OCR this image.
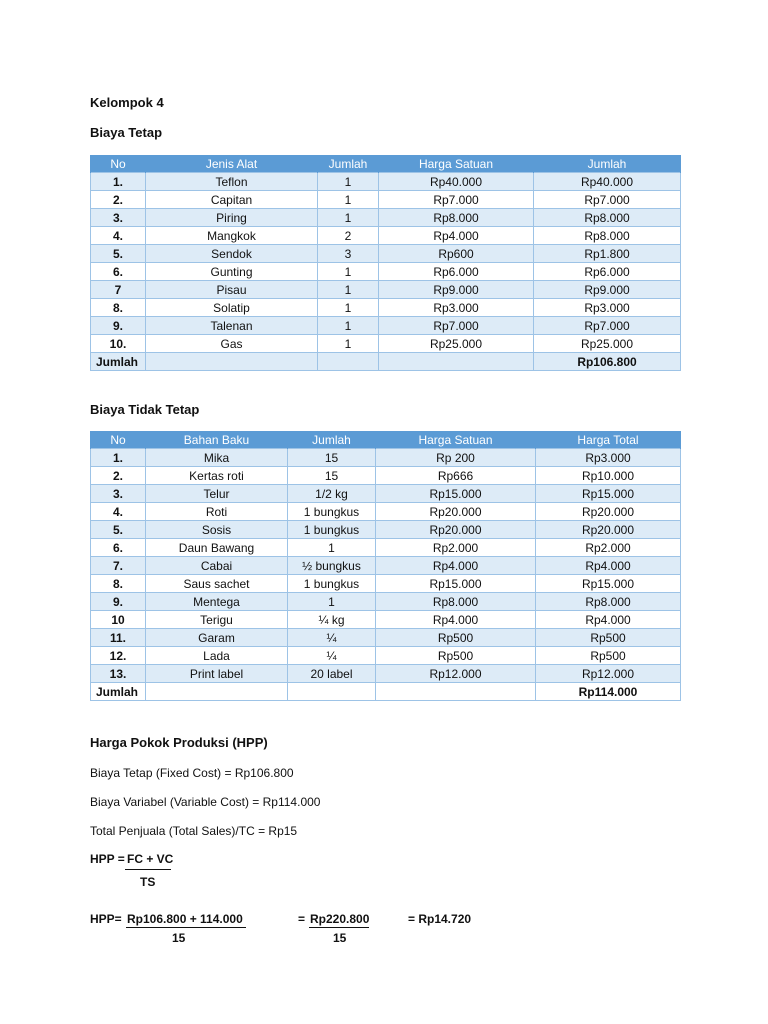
Kelompok 4
Biaya Tetap
No	Jenis Alat	Jumlah	Harga Satuan	Jumlah
1.	Teflon	1	Rp40.000	Rp40.000
2.	Capitan	1	Rp7.000	Rp7.000
3.	Piring	1	Rp8.000	Rp8.000
4.	Mangkok	2	Rp4.000	Rp8.000
5.	Sendok	3	Rp600	Rp1.800
6.	Gunting	1	Rp6.000	Rp6.000
7	Pisau	1	Rp9.000	Rp9.000
8.	Solatip	1	Rp3.000	Rp3.000
9.	Talenan	1	Rp7.000	Rp7.000
10.	Gas	1	Rp25.000	Rp25.000
Jumlah				Rp106.800
Biaya Tidak Tetap
No	Bahan Baku	Jumlah	Harga Satuan	Harga Total
1.	Mika	15	Rp 200	Rp3.000
2.	Kertas roti	15	Rp666	Rp10.000
3.	Telur	1/2 kg	Rp15.000	Rp15.000
4.	Roti	1 bungkus	Rp20.000	Rp20.000
5.	Sosis	1 bungkus	Rp20.000	Rp20.000
6.	Daun Bawang	1	Rp2.000	Rp2.000
7.	Cabai	½ bungkus	Rp4.000	Rp4.000
8.	Saus sachet	1 bungkus	Rp15.000	Rp15.000
9.	Mentega	1	Rp8.000	Rp8.000
10	Terigu	¼ kg	Rp4.000	Rp4.000
11.	Garam	¼	Rp500	Rp500
12.	Lada	¼	Rp500	Rp500
13.	Print label	20 label	Rp12.000	Rp12.000
Jumlah				Rp114.000
Harga Pokok Produksi (HPP)
Biaya Tetap (Fixed Cost) = Rp106.800
Biaya Variabel (Variable Cost) = Rp114.000
Total Penjuala (Total Sales)/TC = Rp15
HPP = FC + VC
TS
HPP= Rp106.800 + 114.000
15
= Rp220.800
15
= Rp14.720
